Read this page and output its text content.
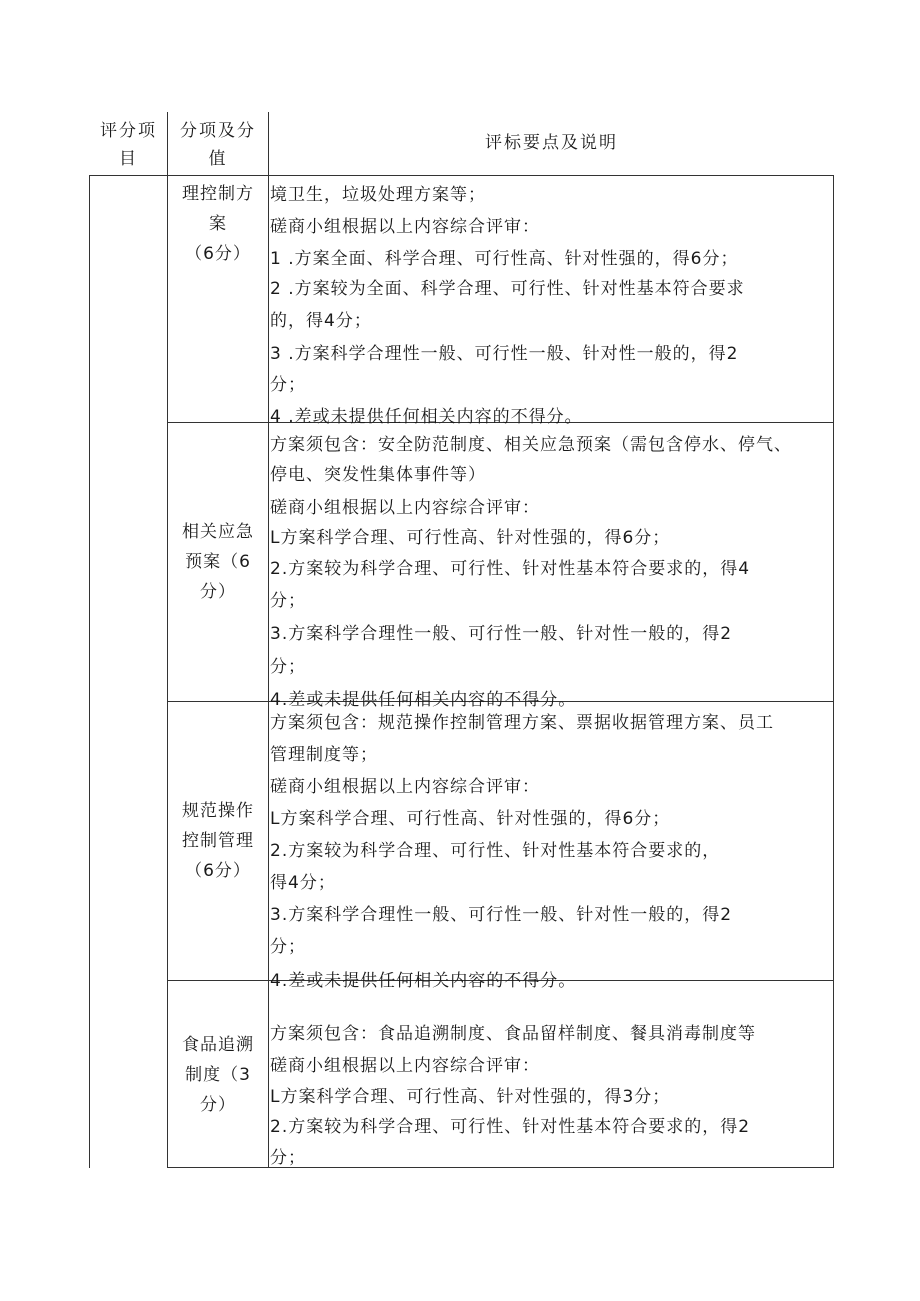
评分项
目
分项及分
值
评标要点及说明
理控制方
案
（6分）
境卫生，垃圾处理方案等；
磋商小组根据以上内容综合评审：
1 .方案全面、科学合理、可行性高、针对性强的，得6分；
2 .方案较为全面、科学合理、可行性、针对性基本符合要求
的，得4分；
3 .方案科学合理性一般、可行性一般、针对性一般的，得2
分；
4 .差或未提供任何相关内容的不得分。
相关应急
预案（6
分）
方案须包含：安全防范制度、相关应急预案（需包含停水、停气、
停电、突发性集体事件等）
磋商小组根据以上内容综合评审：
L方案科学合理、可行性高、针对性强的，得6分；
2.方案较为科学合理、可行性、针对性基本符合要求的，得4
分；
3.方案科学合理性一般、可行性一般、针对性一般的，得2
分；
4.差或未提供任何相关内容的不得分。
规范操作
控制管理
（6分）
方案须包含：规范操作控制管理方案、票据收据管理方案、员工
管理制度等；
磋商小组根据以上内容综合评审：
L方案科学合理、可行性高、针对性强的，得6分；
2.方案较为科学合理、可行性、针对性基本符合要求的，
得4分；
3.方案科学合理性一般、可行性一般、针对性一般的，得2
分；
4.差或未提供任何相关内容的不得分。
食品追溯
制度（3
分）
方案须包含：食品追溯制度、食品留样制度、餐具消毒制度等
磋商小组根据以上内容综合评审：
L方案科学合理、可行性高、针对性强的，得3分；
2.方案较为科学合理、可行性、针对性基本符合要求的，得2
分；
